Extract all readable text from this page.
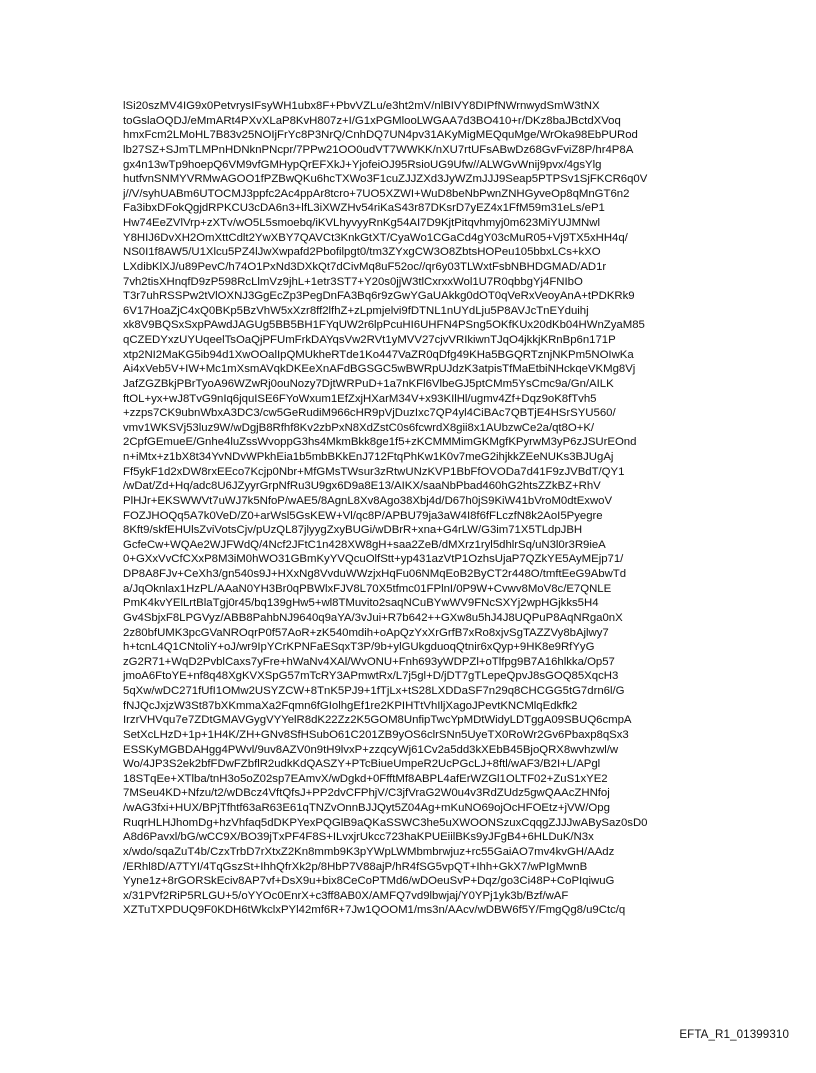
lSi20szMV4IG9x0PetvrysIFsyWH1ubx8F+PbvVZLu/e3ht2mV/nlBIVY8DIPfNWrnwydSmW3tNX
toGslaOQDJ/eMmARt4PXvXLaP8KvH807z+I/G1xPGMlooLWGAA7d3BO410+r/DKz8baJBctdXVoq
hmxFcm2LMoHL7B83v25NOIjFrYc8P3NrQ/CnhDQ7UN4pv31AKyMigMEQquMge/WrOka98EbPURod
lb27SZ+SJmTLMPnHDNknPNcpr/7PPw21OO0udVT7WWKK/nXU7rtUFsABwDz68GvFviZ8P/hr4P8A
gx4n13wTp9hoepQ6VM9vfGMHypQrEFXkJ+YjofeiOJ95RsioUG9Ufw//ALWGvWnij9pvx/4gsYlg
hutfvnSNMYVRMwAGOO1fPZBwQKu6hcTXWo3F1cuZJJZXd3JyWZmJJJ9Seap5PTPSv1SjFKCR6q0V
j//V/syhUABm6UTOCMJ3ppfc2Ac4ppAr8tcro+7UO5XZWI+WuD8beNbPwnZNHGyveOp8qMnGT6n2
Fa3ibxDFokQgjdRPKCU3cDA6n3+lfL3iXWZHv54riKaS43r87DKsrD7yEZ4x1FfM59m31eLs/eP1
Hw74EeZVlVrp+zXTv/wO5L5smoebq/iKVLhyvyyRnKg54AI7D9KjtPitqvhmyj0m623MiYUJMNwl
Y8HIJ6DvXH2OmXttCdlt2YwXBY7QAVCt3KnkGtXT/CyaWo1CGaCd4gY03cMuR05+Vj9TX5xHH4q/
NS0I1f8AW5/U1Xlcu5PZ4lJwXwpafd2Pbofilpgt0/tm3ZYxgCW3O8ZbtsHOPeu105bbxLCs+kXO
LXdibKlXJ/u89PevC/h74O1PxNd3DXkQt7dCivMq8uF52oc//qr6y03TLWxtFsbNBHDGMAD/AD1r
7vh2tisXHnqfD9zP598RcLlmVz9jhL+1etr3ST7+Y20s0jjW3tlCxrxxWol1U7R0qbbgYj4FNIbO
T3r7uhRSSPw2tVlOXNJ3GgEcZp3PegDnFA3Bq6r9zGwYGaUAkkg0dOT0qVeRxVeoyAnA+tPDKRk9
6V17HoaZjC4xQ0BKp5BzVhW5xXzr8ff2lfhZ+zLpmjelvi9fDTNL1nUYdLju5P8AVJcTnEYduihj
xk8V9BQSxSxpPAwdJAGUg5BB5BH1FYqUW2r6lpPcuHI6UHFN4PSng5OKfKUx20dKb04HWnZyaM85
qCZEDYxzUYUqeelTsOaQjPFUmFrkDAYqsVw2RVt1yMVV27cjvVRIkiwnTJqO4jkkjKRnBp6n171P
xtp2NI2MaKG5ib94d1XwOOalIpQMUkheRTde1Ko447VaZR0qDfg49KHa5BGQRTznjNKPm5NOIwKa
Ai4xVeb5V+IW+Mc1mXsmAVqkDKEeXnAFdBGSGC5wBWRpUJdzK3atpisTfMaEtbiNHckqeVKMg8Vj
JafZGZBkjPBrTyoA96WZwRj0ouNozy7DjtWRPuD+1a7nKFl6VlbeGJ5ptCMm5YsCmc9a/Gn/AILK
ftOL+yx+wJ8TvG9nIq6jquISE6FYoWxum1EfZxjHXarM34V+x93KIlHl/ugmv4Zf+Dqz9oK8fTvh5
+zzps7CK9ubnWbxA3DC3/cw5GeRudiM966cHR9pVjDuzIxc7QP4yl4CiBAc7QBTjE4HSrSYU560/
vmv1WKSVj53luz9W/wDgjB8Rfhf8Kv2zbPxN8XdZstC0s6fcwrdX8gii8x1AUbzwCe2a/qt8O+K/
2CpfGEmueE/Gnhe4luZssWvoppG3hs4MkmBkk8ge1f5+zKCMMMimGKMgfKPyrwM3yP6zJSUrEOnd
n+iMtx+z1bX8t34YvNDvWPkhEia1b5mbBKkEnJ712FtqPhKw1K0v7meG2ihjkkZEeNUKs3BJUgAj
Ff5ykF1d2xDW8rxEEco7Kcjp0Nbr+MfGMsTWsur3zRtwUNzKVP1BbFfOVODa7d41F9zJVBdT/QY1
/wDat/Zd+Hq/adc8U6JZyyrGrpNfRu3U9gx6D9a8E13/AIKX/saaNbPbad460hG2htsZZkBZ+RhV
PlHJr+EKSWWVt7uWJ7k5NfoP/wAE5/8AgnL8Xv8Ago38Xbj4d/D67h0jS9KiW41bVroM0dtExwoV
FOZJHOQq5A7k0VeD/Z0+arWsl5GsKEW+Vl/qc8P/APBU79ja3aW4I8f6fFLczfN8k2AoI5Pyegre
8Kft9/skfEHUlsZviVotsCjv/pUzQL87jlyygZxyBUGi/wDBrR+xna+G4rLW/G3im71X5TLdpJBH
GcfeCw+WQAe2WJFWdQ/4Ncf2JFtC1n428XW8gH+saa2ZeB/dMXrz1ryl5dhlrSq/uN3l0r3R9ieA
0+GXxVvCfCXxP8M3iM0hWO31GBmKyYVQcuOlfStt+yp431azVtP1OzhsUjaP7QZkYE5AyMEjp71/
DP8A8FJv+CeXh3/gn540s9J+HXxNg8VvduWWzjxHqFu06NMqEoB2ByCT2r448O/tmftEeG9AbwTd
a/JqOknlax1HzPL/AAaN0YH3Br0qPBWlxFJV8L70X5tfmc01FPlnI/0P9W+Cvwv8MoV8c/E7QNLE
PmK4kvYElLrtBlaTgj0r45/bq139gHw5+wl8TMuvito2saqNCuBYwWV9FNcSXYj2wpHGjkks5H4
Gv4SbjxF8LPGVyz/ABB8PahbNJ9640q9aYA/3vJui+R7b642++GXw8u5hJ4J8UQPuP8AqNRga0nX
2z80bfUMK3pcGVaNROqrP0f57AoR+zK540mdih+oApQzYxXrGrfB7xRo8xjvSgTAZZVy8bAjlwy7
h+tcnL4Q1CNtoliY+oJ/wr9IpYCrKPNFaESqxT3P/9b+ylGUkgduoqQtnir6xQyp+9HK8e9RfYyG
zG2R71+WqD2PvblCaxs7yFre+hWaNv4XAl/WvONU+Fnh693yWDPZl+oTlfpg9B7A16hlkka/Op57
jmoA6FtoYE+nf8q48XgKVXSpG57mTcRY3APmwtRx/L7j5gl+D/jDT7gTLepeQpvJ8sGOQ85XqcH3
5qXw/wDC271fUfI1OMw2USYZCW+8TnK5PJ9+1fTjLx+tS28LXDDaSF7n29q8CHCGG5tG7drn6l/G
fNJQcJxjzW3St87bXKmmaXa2Fqmn6fGIolhgEf1re2KPIHTtVhIljXagoJPevtKNCMlqEdkfk2
IrzrVHVqu7e7ZDtGMAVGygVYYelR8dK22Zz2K5GOM8UnfipTwcYpMDtWidyLDTggA09SBUQ6cmpA
SetXcLHzD+1p+1H4K/ZH+GNv8SfHSubO61C201ZB9yOS6clrSNn5UyeTX0RoWr2Gv6Pbaxp8qSx3
ESSKyMGBDAHgg4PWvl/9uv8AZV0n9tH9lvxP+zzqcyWj61Cv2a5dd3kXEbB45BjoQRX8wvhzwl/w
Wo/4JP3S2ek2bfFDwFZbflR2udkKdQASZY+PTcBiueUmpeR2UcPGcLJ+8ftl/wAF3/B2I+L/APgl
18STqEe+XTlba/tnH3o5oZ02sp7EAmvX/wDgkd+0FfftMf8ABPL4afErWZGl1OLTF02+ZuS1xYE2
7MSeu4KD+Nfzu/t2/wDBcz4VftQfsJ+PP2dvCFPhjV/C3jfVraG2W0u4v3RdZUdz5gwQAAcZHNfoj
/wAG3fxi+HUX/BPjTfhtf63aR63E61qTNZvOnnBJJQyt5Z04Ag+mKuNO69ojOcHFOEtz+jVW/Opg
RuqrHLHJhomDg+hzVhfaq5dDKPYexPQGlB9aQKaSSWC3he5uXWOONSzuxCqqgZJJJwABySaz0sD0
A8d6Pavxl/bG/wCC9X/BO39jTxPF4F8S+ILvxjrUkcc723haKPUEiilBKs9yJFgB4+6HLDuK/N3x
x/wdo/sqaZuT4b/CzxTrbD7rXtxZ2Kn8mmb9K3pYWpLWMbmbrwjuz+rc55GaiAO7mv4kvGH/AAdz
/ERhl8D/A7TYI/4TqGszSt+IhhQfrXk2p/8HbP7V88ajP/hR4fSG5vpQT+Ihh+GkX7/wPIgMwnB
Yyne1z+8rGORSkEciv8AP7vf+DsX9u+bix8CeCoPTMd6/wDOeuSvP+Dqz/go3Ci48P+CoPIqiwuG
x/31PVf2RiP5RLGU+5/oYYOc0EnrX+c3ff8AB0X/AMFQ7vd9lbwjaj/Y0YPj1yk3b/Bzf/wAF
XZTuTXPDUQ9F0KDH6tWkclxPYl42mf6R+7Jw1QOOM1/ms3n/AAcv/wDBW6f5Y/FmgQg8/u9Ctc/q
EFTA_R1_01399310
